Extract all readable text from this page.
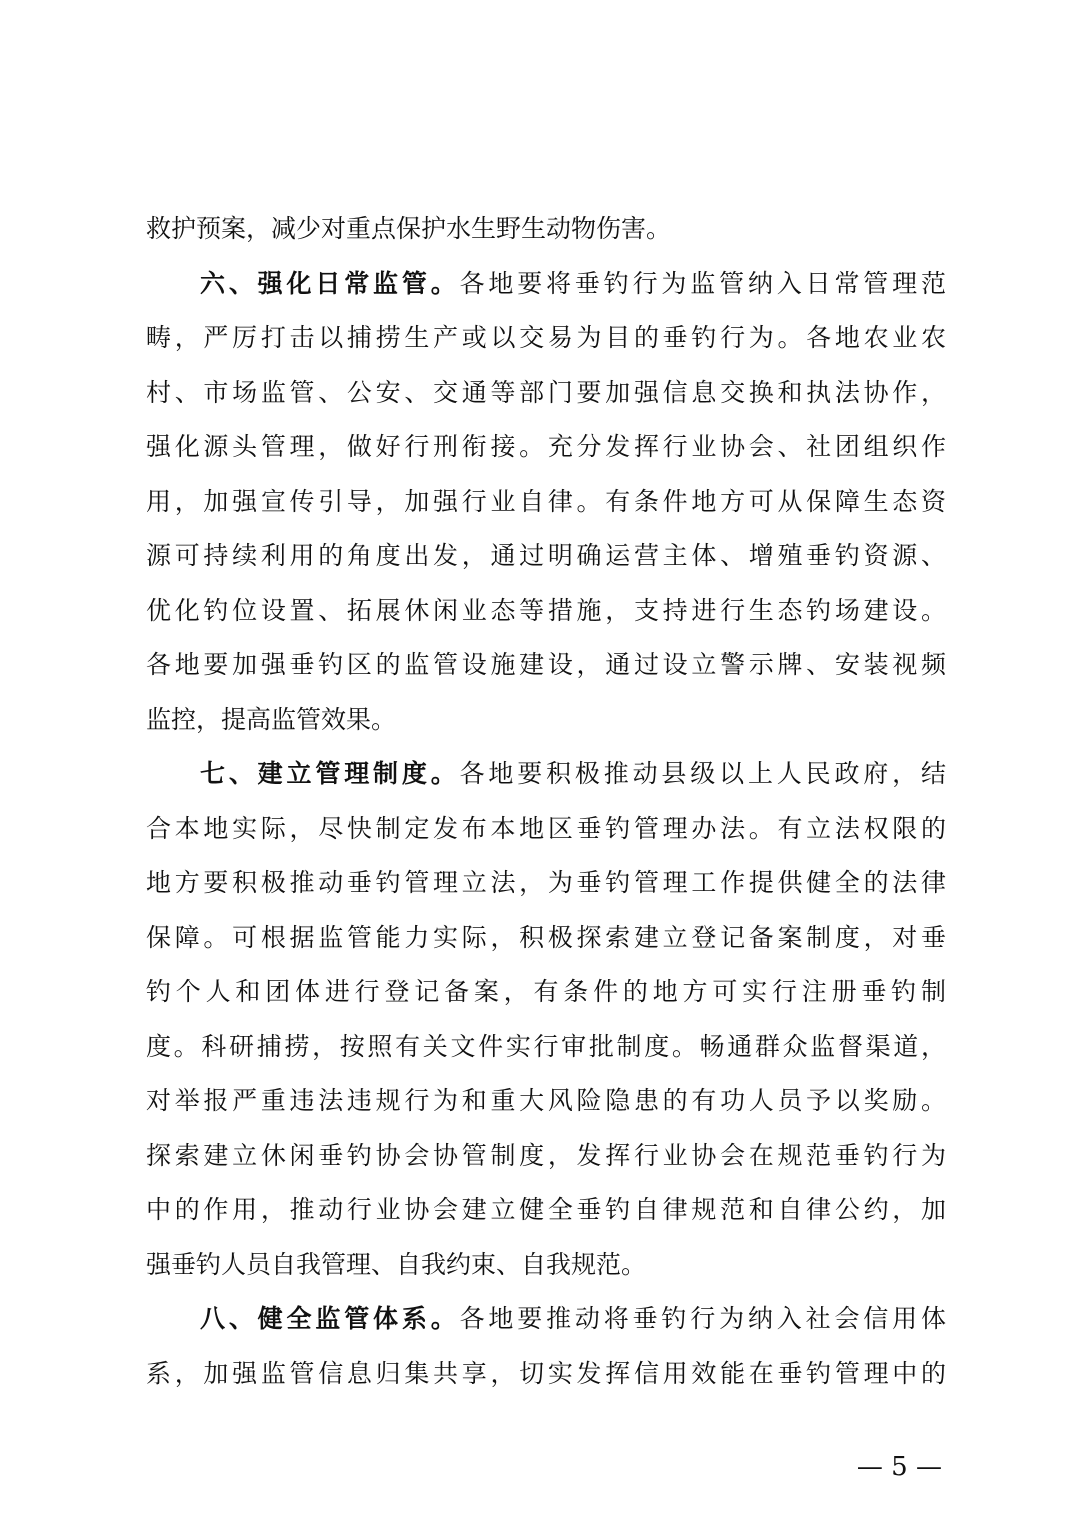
救护预案，减少对重点保护水生野生动物伤害。
六、强化日常监管。各地要将垂钓行为监管纳入日常管理范
畴，严厉打击以捕捞生产或以交易为目的垂钓行为。各地农业农
村、市场监管、公安、交通等部门要加强信息交换和执法协作，
强化源头管理，做好行刑衔接。充分发挥行业协会、社团组织作
用，加强宣传引导，加强行业自律。有条件地方可从保障生态资
源可持续利用的角度出发，通过明确运营主体、增殖垂钓资源、
优化钓位设置、拓展休闲业态等措施，支持进行生态钓场建设。
各地要加强垂钓区的监管设施建设，通过设立警示牌、安装视频
监控，提高监管效果。
七、建立管理制度。各地要积极推动县级以上人民政府，结
合本地实际，尽快制定发布本地区垂钓管理办法。有立法权限的
地方要积极推动垂钓管理立法，为垂钓管理工作提供健全的法律
保障。可根据监管能力实际，积极探索建立登记备案制度，对垂
钓个人和团体进行登记备案，有条件的地方可实行注册垂钓制
度。科研捕捞，按照有关文件实行审批制度。畅通群众监督渠道，
对举报严重违法违规行为和重大风险隐患的有功人员予以奖励。
探索建立休闲垂钓协会协管制度，发挥行业协会在规范垂钓行为
中的作用，推动行业协会建立健全垂钓自律规范和自律公约，加
强垂钓人员自我管理、自我约束、自我规范。
八、健全监管体系。各地要推动将垂钓行为纳入社会信用体
系，加强监管信息归集共享，切实发挥信用效能在垂钓管理中的
— 5 —
